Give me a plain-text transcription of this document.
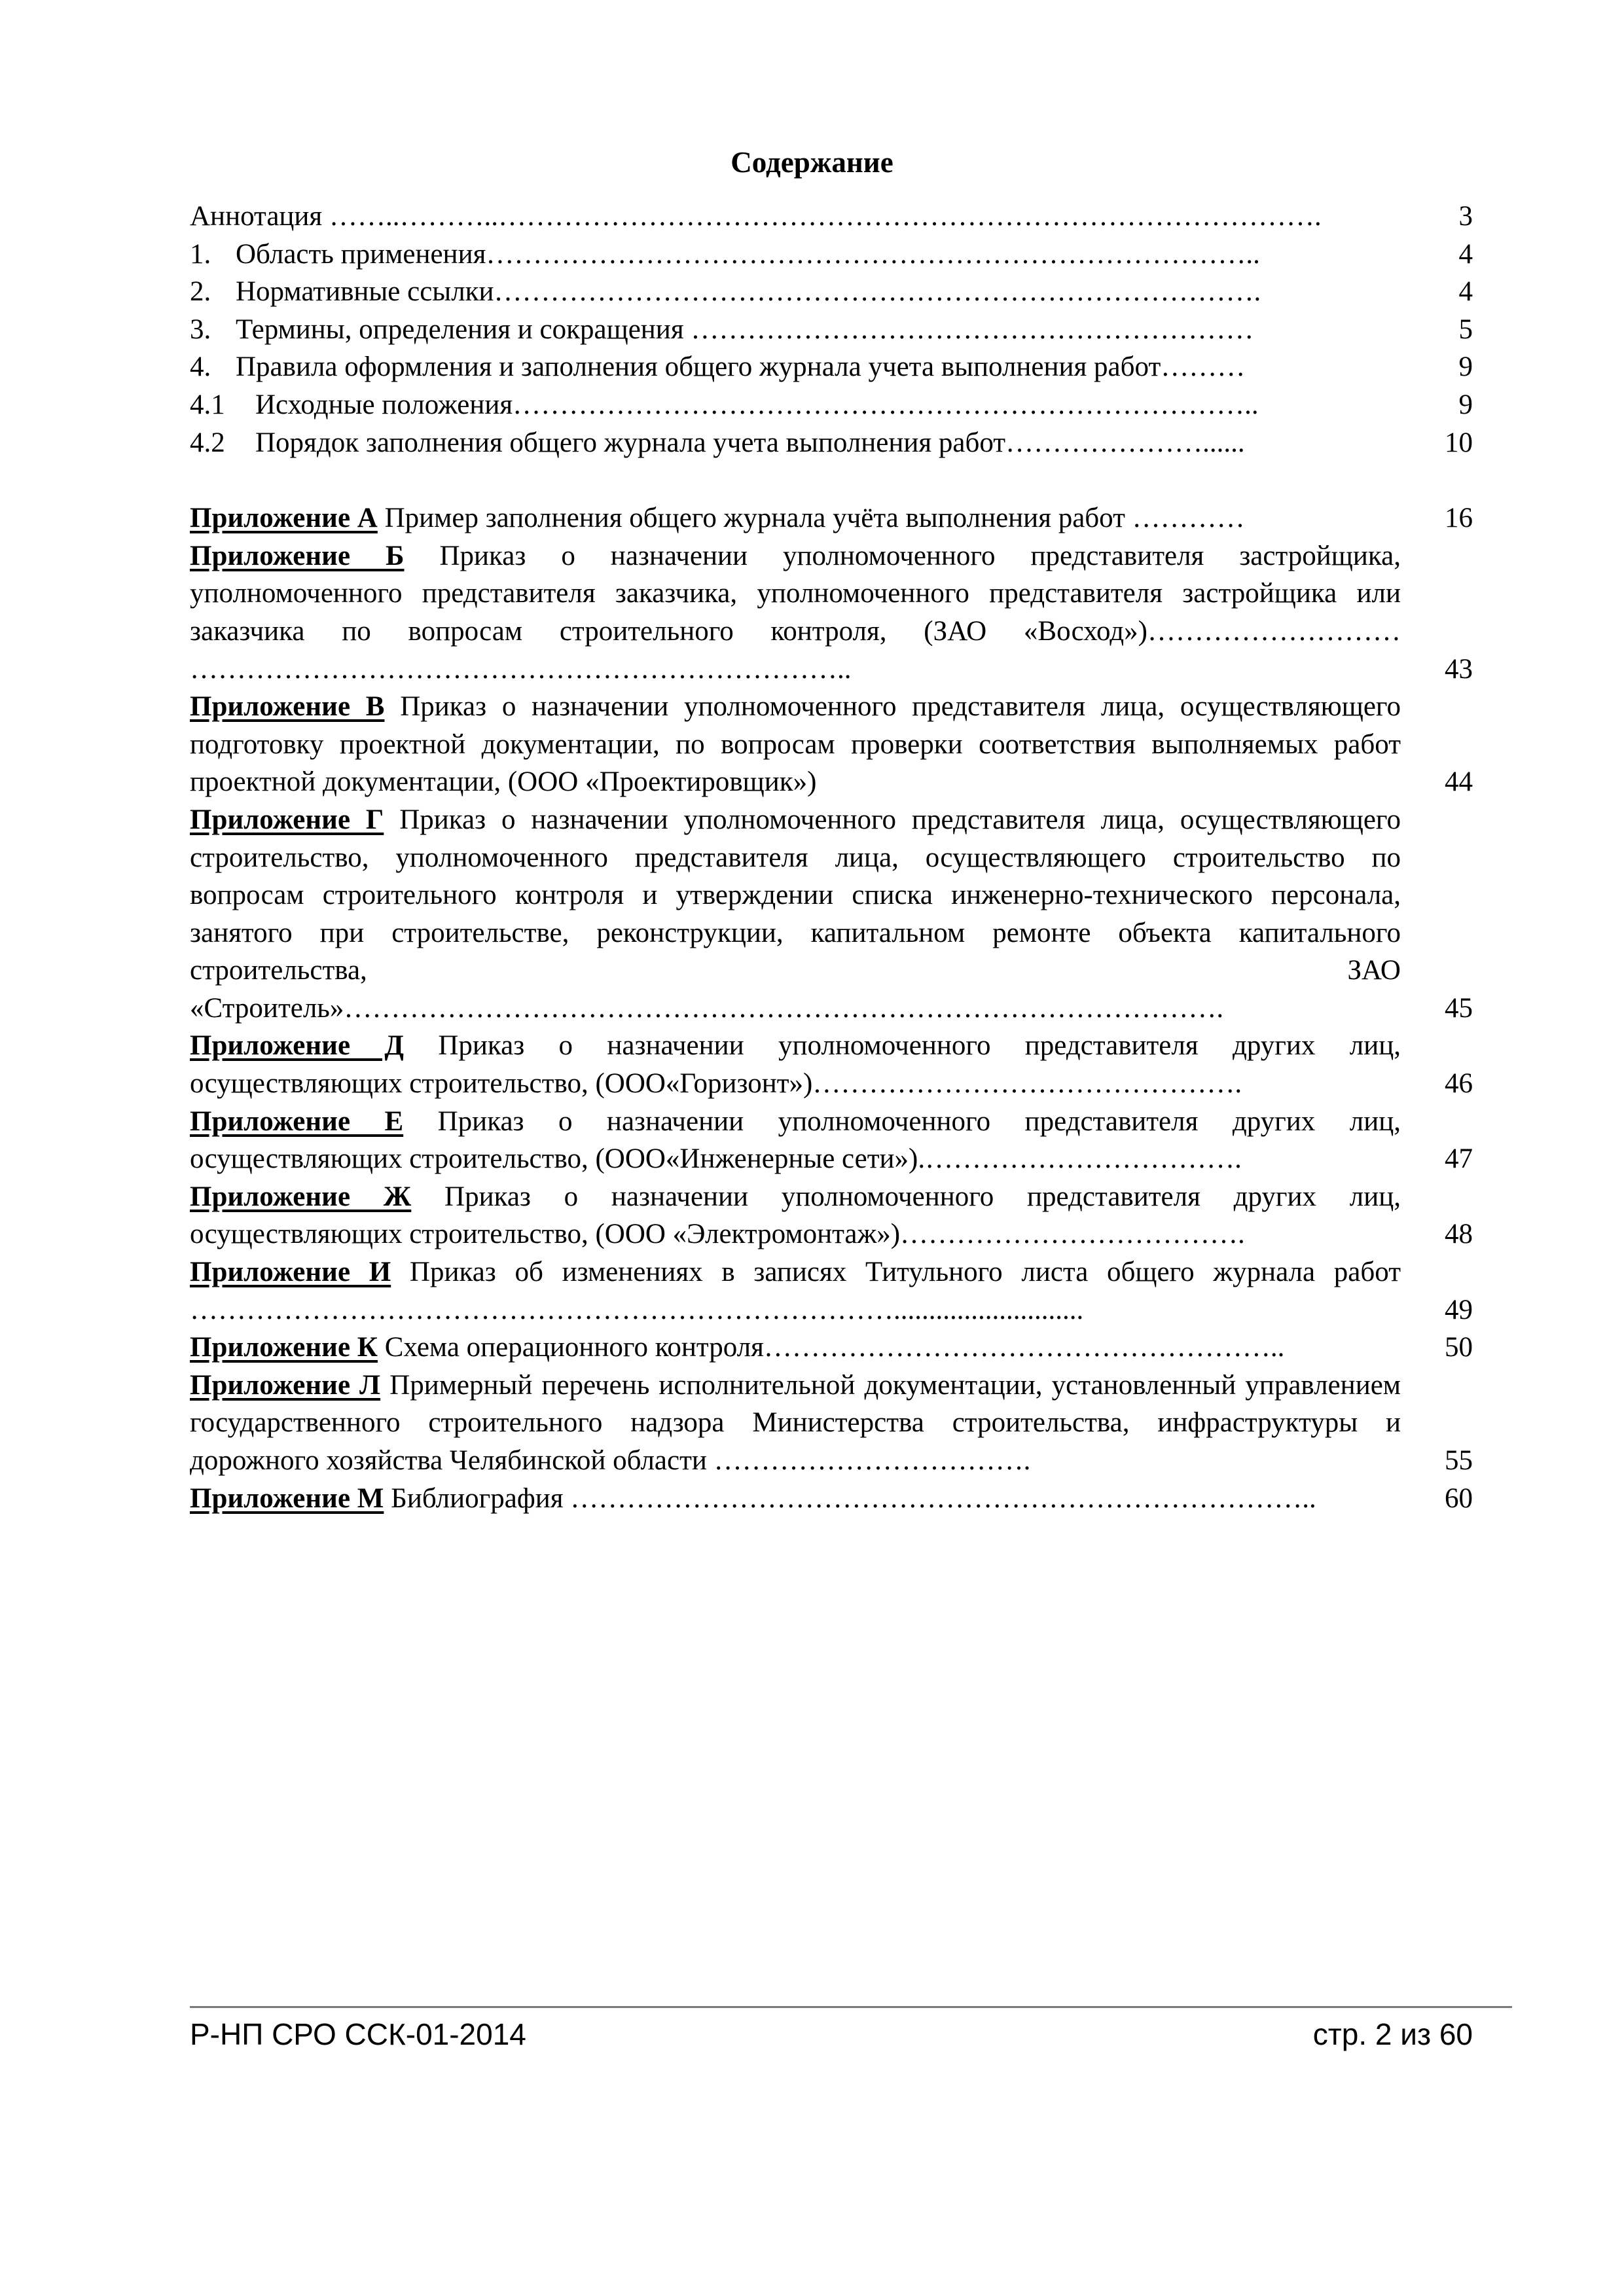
Содержание
Аннотация ……..………..…………………………………………………………………………….	3
1. Область применения………………………………………………………………………..	4
2. Нормативные ссылки……………………………………………………………………….	4
3. Термины, определения и сокращения ……………………………………………………	5
4. Правила оформления и заполнения общего журнала учета выполнения работ………	9
4.1	Исходные положения……………………………………………………………………..	9
4.2	Порядок заполнения общего журнала учета выполнения работ…………………......	10
Приложение А Пример заполнения общего журнала учёта выполнения работ …………	16
Приложение Б Приказ о назначении уполномоченного представителя застройщика, уполномоченного представителя заказчика, уполномоченного представителя застройщика или заказчика по вопросам строительного контроля, (ЗАО «Восход»)……………………… ……………………………………………………………..	43
Приложение В Приказ о назначении уполномоченного представителя лица, осуществляющего подготовку проектной документации, по вопросам проверки соответствия выполняемых работ проектной документации, (ООО «Проектировщик»)	44
Приложение Г Приказ о назначении уполномоченного представителя лица, осуществляющего строительство, уполномоченного представителя лица, осуществляющего строительство по вопросам строительного контроля и утверждении списка инженерно-технического персонала, занятого при строительстве, реконструкции, капитальном ремонте объекта капитального строительства, ЗАО «Строитель»………………………………………………………………………………….	45
Приложение Д Приказ о назначении уполномоченного представителя других лиц, осуществляющих строительство, (ООО«Горизонт»)……………………………………….	46
Приложение Е Приказ о назначении уполномоченного представителя других лиц, осуществляющих строительство, (ООО«Инженерные сети»).…………………………….	47
Приложение Ж Приказ о назначении уполномоченного представителя других лиц, осуществляющих строительство, (ООО «Электромонтаж»)……………………………….	48
Приложение И Приказ об изменениях в записях Титульного листа общего журнала работ …………………………………………………………………...........................	49
Приложение К Схема операционного контроля………………………………………………..	50
Приложение Л Примерный перечень исполнительной документации, установленный управлением государственного строительного надзора Министерства строительства, инфраструктуры и дорожного хозяйства Челябинской области …………………………….	55
Приложение М Библиография ……………………………………………………………………..	60
Р-НП СРО ССК-01-2014	стр. 2 из 60
